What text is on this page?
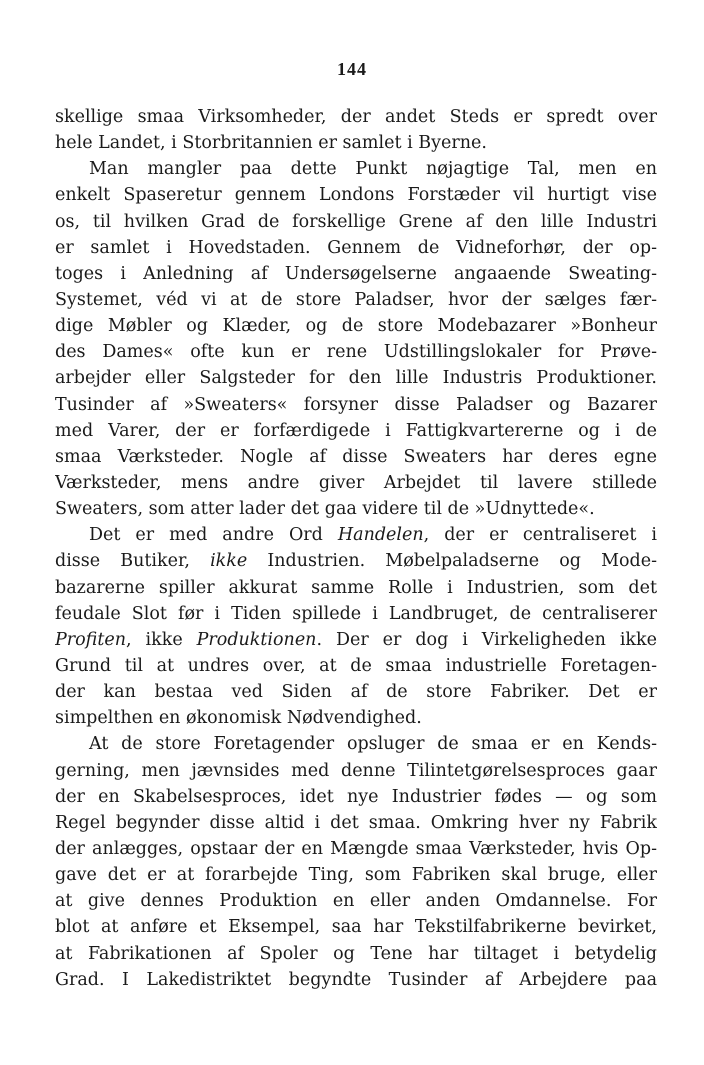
144
skellige smaa Virksomheder, der andet Steds er spredt over
hele Landet, i Storbritannien er samlet i Byerne.
Man mangler paa dette Punkt nøjagtige Tal, men en
enkelt Spaseretur gennem Londons Forstæder vil hurtigt vise
os, til hvilken Grad de forskellige Grene af den lille Industri
er samlet i Hovedstaden. Gennem de Vidneforhør, der op-
toges i Anledning af Undersøgelserne angaaende Sweating-
Systemet, véd vi at de store Paladser, hvor der sælges fær-
dige Møbler og Klæder, og de store Modebazarer »Bonheur
des Dames« ofte kun er rene Udstillingslokaler for Prøve-
arbejder eller Salgsteder for den lille Industris Produktioner.
Tusinder af »Sweaters« forsyner disse Paladser og Bazarer
med Varer, der er forfærdigede i Fattigkvartererne og i de
smaa Værksteder. Nogle af disse Sweaters har deres egne
Værksteder, mens andre giver Arbejdet til lavere stillede
Sweaters, som atter lader det gaa videre til de »Udnyttede«.
Det er med andre Ord Handelen, der er centraliseret i
disse Butiker, ikke Industrien. Møbelpaladserne og Mode-
bazarerne spiller akkurat samme Rolle i Industrien, som det
feudale Slot før i Tiden spillede i Landbruget, de centraliserer
Profiten, ikke Produktionen. Der er dog i Virkeligheden ikke
Grund til at undres over, at de smaa industrielle Foretagen-
der kan bestaa ved Siden af de store Fabriker. Det er
simpelthen en økonomisk Nødvendighed.
At de store Foretagender opsluger de smaa er en Kends-
gerning, men jævnsides med denne Tilintetgørelsesproces gaar
der en Skabelsesproces, idet nye Industrier fødes — og som
Regel begynder disse altid i det smaa. Omkring hver ny Fabrik
der anlægges, opstaar der en Mængde smaa Værksteder, hvis Op-
gave det er at forarbejde Ting, som Fabriken skal bruge, eller
at give dennes Produktion en eller anden Omdannelse. For
blot at anføre et Eksempel, saa har Tekstilfabrikerne bevirket,
at Fabrikationen af Spoler og Tene har tiltaget i betydelig
Grad. I Lakedistriktet begyndte Tusinder af Arbejdere paa
